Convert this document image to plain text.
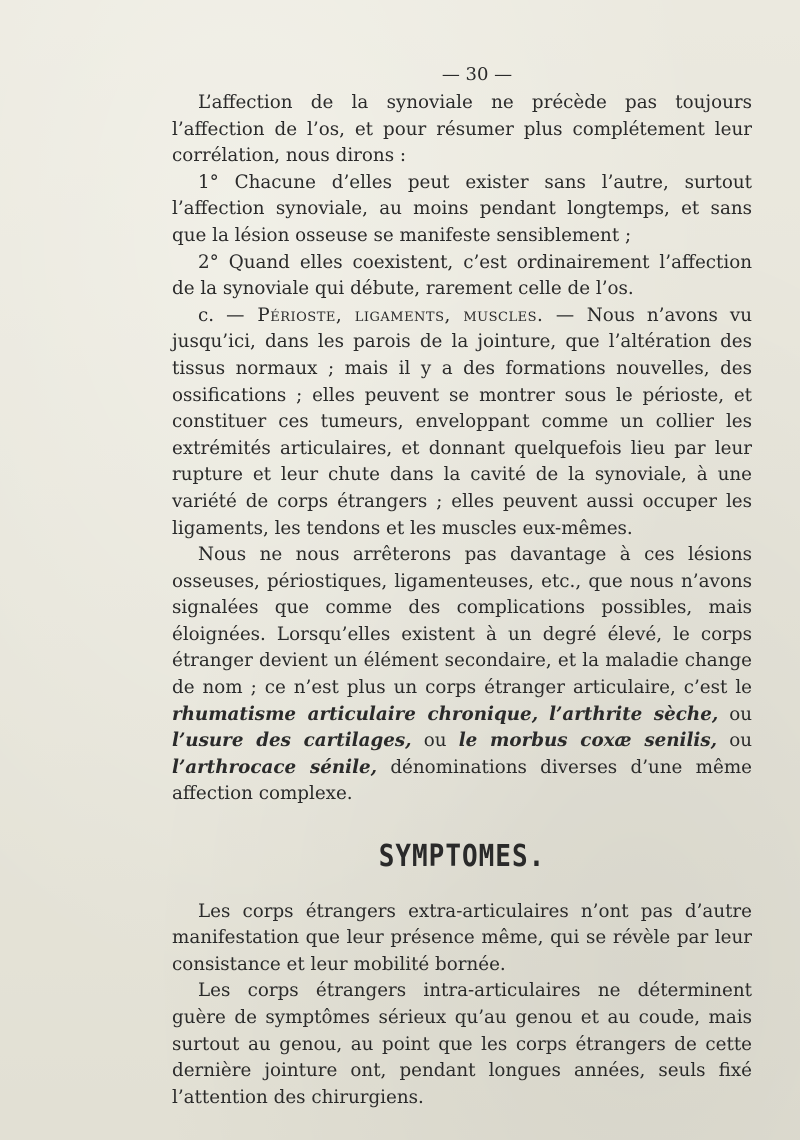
— 30 —

L’affection de la synoviale ne précède pas toujours l’affection de l’os, et pour résumer plus complétement leur corrélation, nous dirons :

1° Chacune d’elles peut exister sans l’autre, surtout l’affection synoviale, au moins pendant longtemps, et sans que la lésion osseuse se manifeste sensiblement ;

2° Quand elles coexistent, c’est ordinairement l’affection de la synoviale qui débute, rarement celle de l’os.

c. — Périoste, ligaments, muscles. — Nous n’avons vu jusqu’ici, dans les parois de la jointure, que l’altération des tissus normaux ; mais il y a des formations nouvelles, des ossifications ; elles peuvent se montrer sous le périoste, et constituer ces tumeurs, enveloppant comme un collier les extrémités articulaires, et donnant quelquefois lieu par leur rupture et leur chute dans la cavité de la synoviale, à une variété de corps étrangers ; elles peuvent aussi occuper les ligaments, les tendons et les muscles eux-mêmes.

Nous ne nous arrêterons pas davantage à ces lésions osseuses, périostiques, ligamenteuses, etc., que nous n’avons signalées que comme des complications possibles, mais éloignées. Lorsqu’elles existent à un degré élevé, le corps étranger devient un élément secondaire, et la maladie change de nom ; ce n’est plus un corps étranger articulaire, c’est le rhumatisme articulaire chronique, l’arthrite sèche, ou l’usure des cartilages, ou le morbus coxæ senilis, ou l’arthrocace sénile, dénominations diverses d’une même affection complexe.

SYMPTOMES.

Les corps étrangers extra-articulaires n’ont pas d’autre manifestation que leur présence même, qui se révèle par leur consistance et leur mobilité bornée.

Les corps étrangers intra-articulaires ne déterminent guère de symptômes sérieux qu’au genou et au coude, mais surtout au genou, au point que les corps étrangers de cette dernière jointure ont, pendant longues années, seuls fixé l’attention des chirurgiens.
